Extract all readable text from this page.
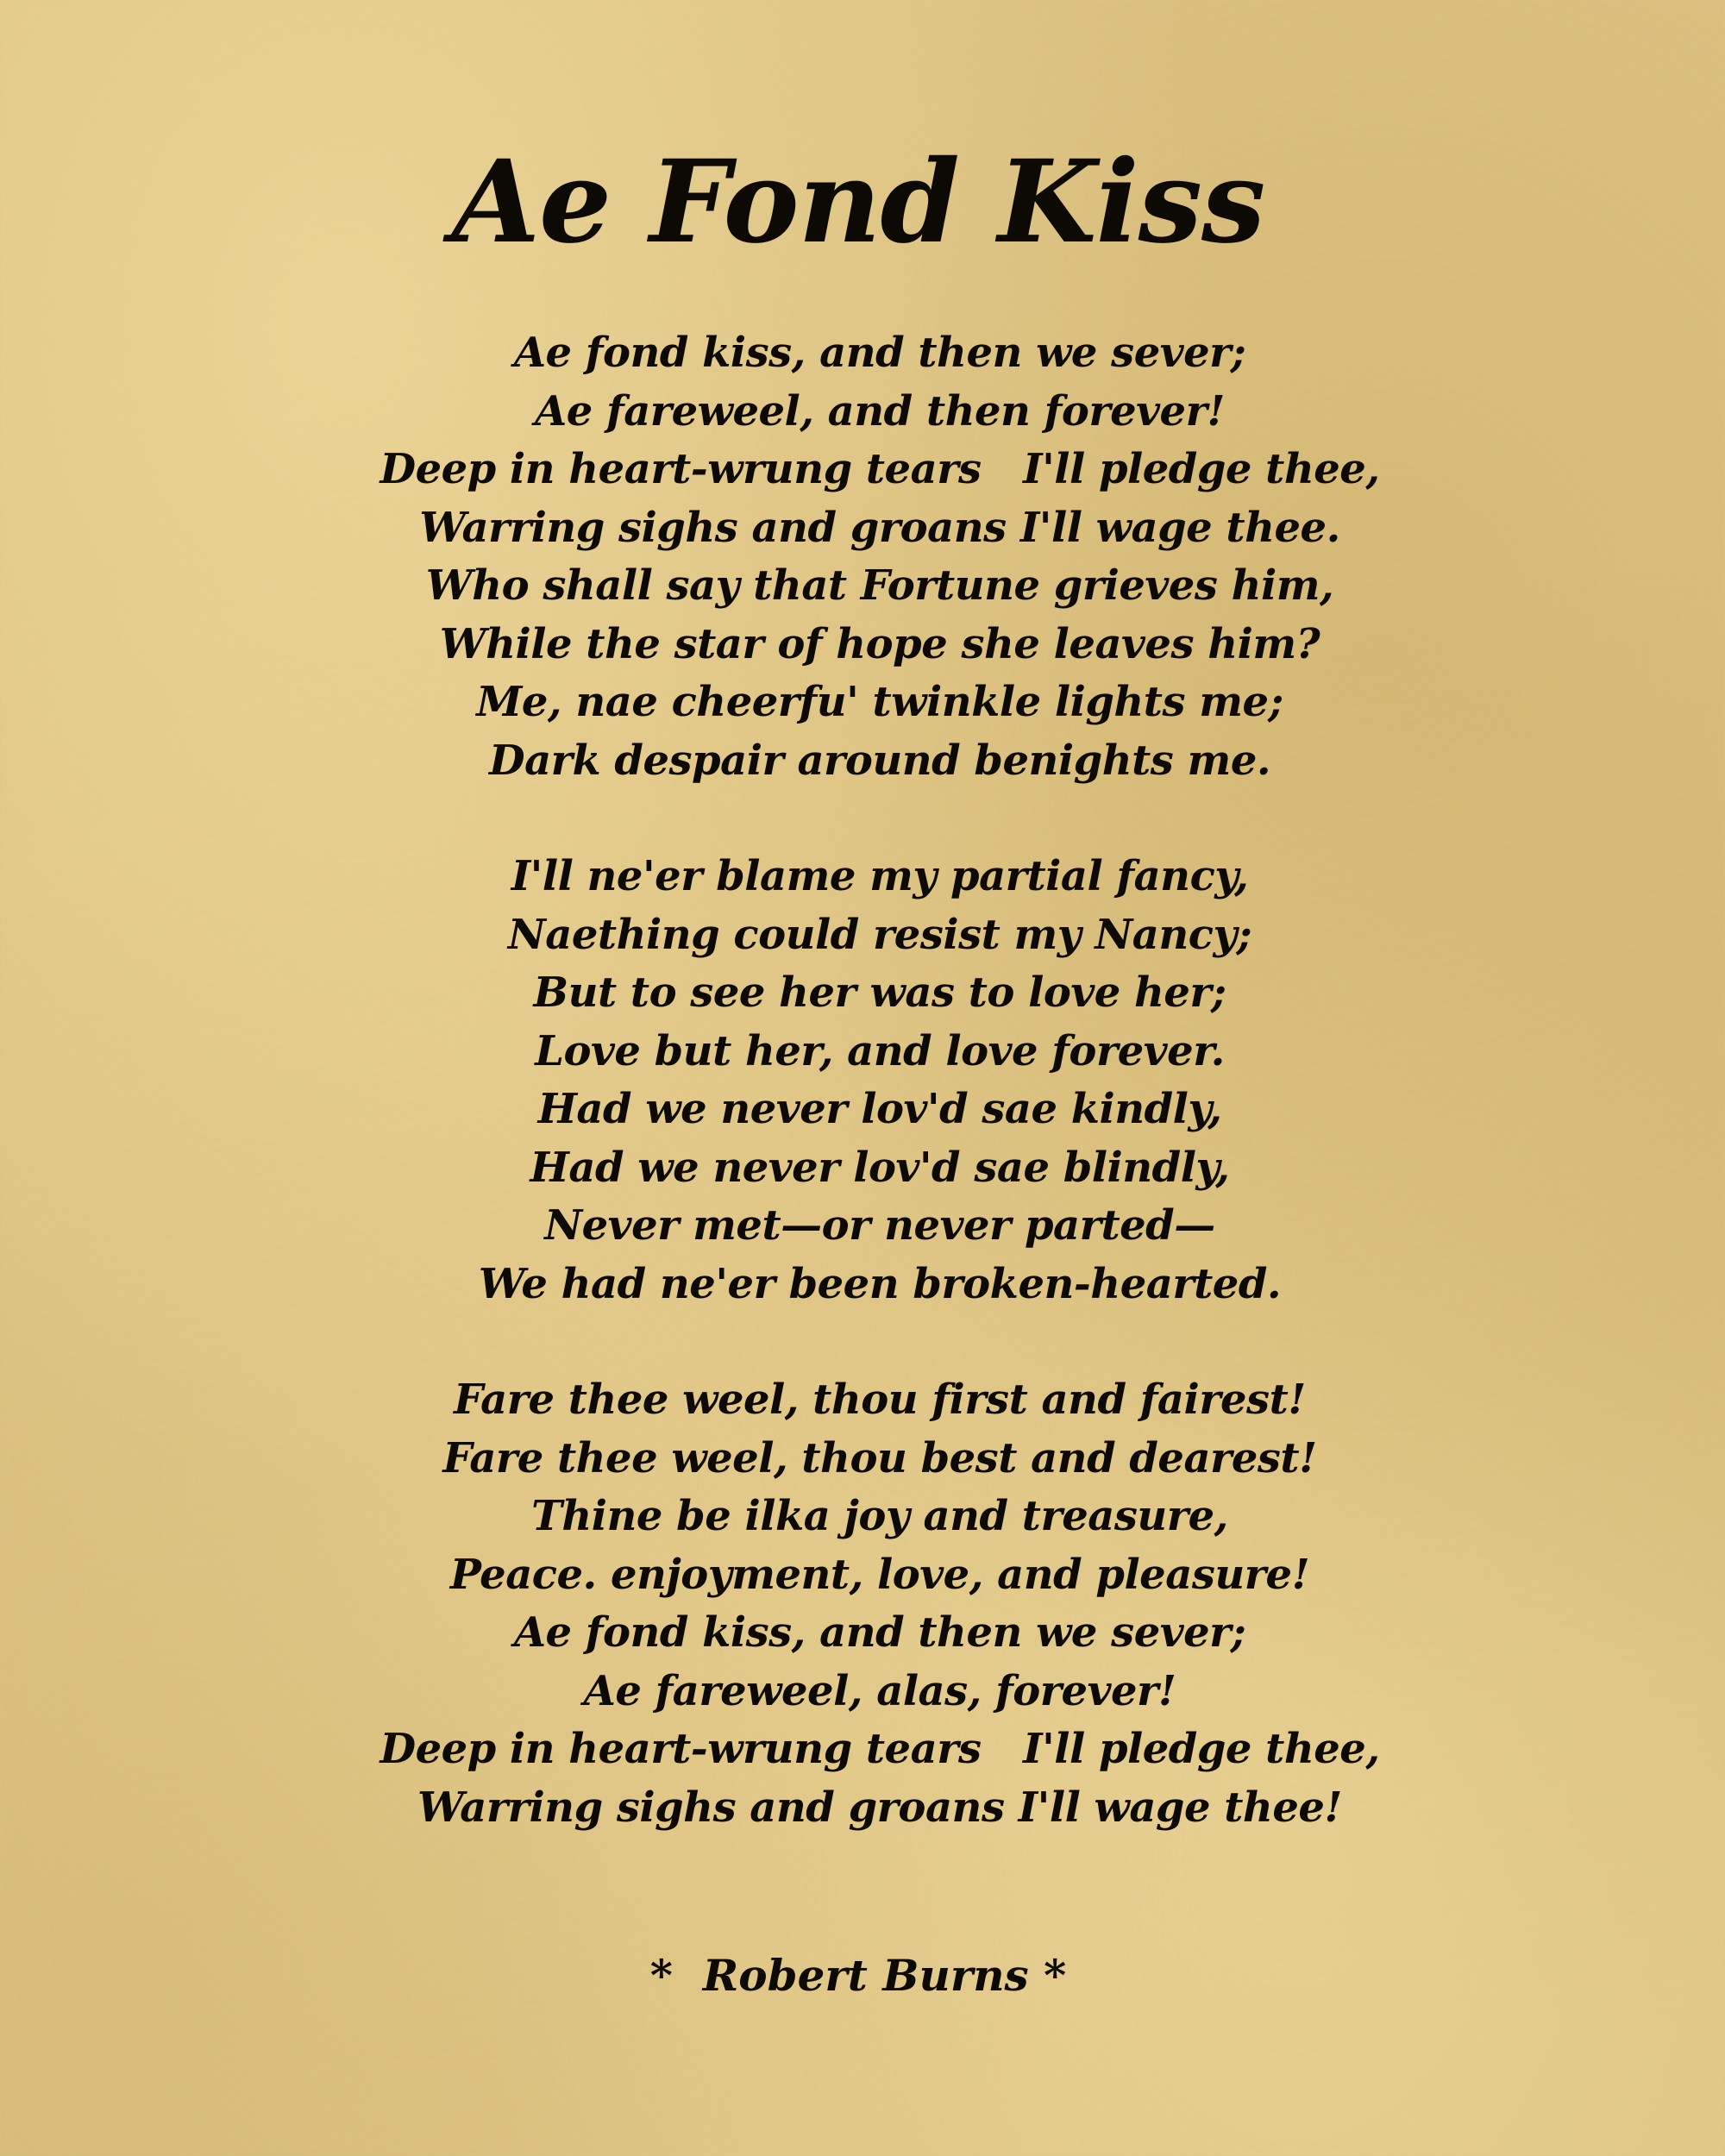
Ae Fond Kiss
Ae fond kiss, and then we sever;
Ae fareweel, and then forever!
Deep in heart-wrung tears   I'll pledge thee,
Warring sighs and groans I'll wage thee.
Who shall say that Fortune grieves him,
While the star of hope she leaves him?
Me, nae cheerfu' twinkle lights me;
Dark despair around benights me.
I'll ne'er blame my partial fancy,
Naething could resist my Nancy;
But to see her was to love her;
Love but her, and love forever.
Had we never lov'd sae kindly,
Had we never lov'd sae blindly,
Never met—or never parted—
We had ne'er been broken-hearted.
Fare thee weel, thou first and fairest!
Fare thee weel, thou best and dearest!
Thine be ilka joy and treasure,
Peace. enjoyment, love, and pleasure!
Ae fond kiss, and then we sever;
Ae fareweel, alas, forever!
Deep in heart-wrung tears   I'll pledge thee,
Warring sighs and groans I'll wage thee!
*  Robert Burns *
